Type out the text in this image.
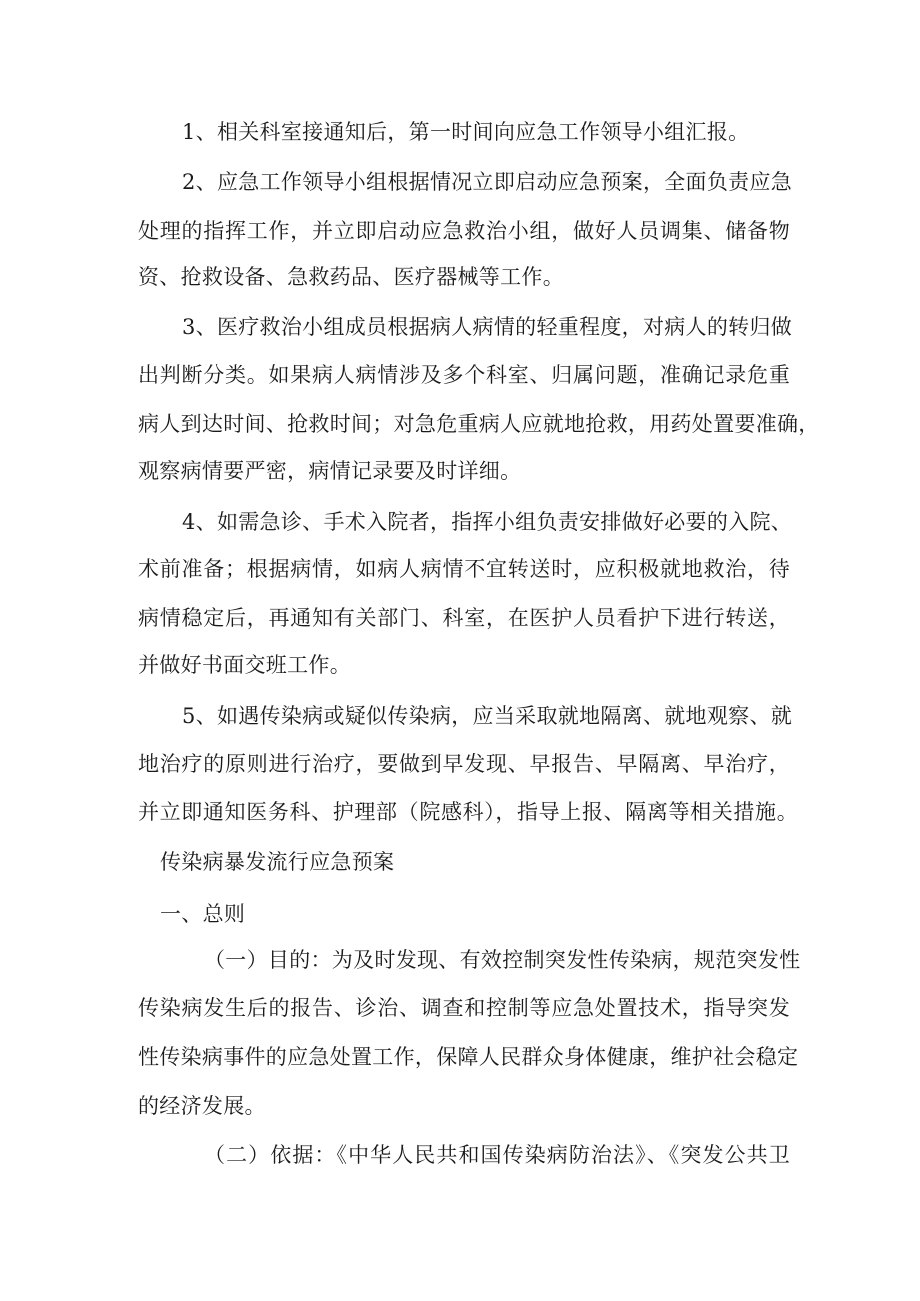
1、相关科室接通知后，第一时间向应急工作领导小组汇报。
2、应急工作领导小组根据情况立即启动应急预案，全面负责应急
处理的指挥工作，并立即启动应急救治小组，做好人员调集、储备物
资、抢救设备、急救药品、医疗器械等工作。
3、医疗救治小组成员根据病人病情的轻重程度，对病人的转归做
出判断分类。如果病人病情涉及多个科室、归属问题，准确记录危重
病人到达时间、抢救时间；对急危重病人应就地抢救，用药处置要准确，
观察病情要严密，病情记录要及时详细。
4、如需急诊、手术入院者，指挥小组负责安排做好必要的入院、
术前准备；根据病情，如病人病情不宜转送时，应积极就地救治，待
病情稳定后，再通知有关部门、科室，在医护人员看护下进行转送，
并做好书面交班工作。
5、如遇传染病或疑似传染病，应当采取就地隔离、就地观察、就
地治疗的原则进行治疗，要做到早发现、早报告、早隔离、早治疗，
并立即通知医务科、护理部（院感科），指导上报、隔离等相关措施。
传染病暴发流行应急预案
一、总则
（一）目的：为及时发现、有效控制突发性传染病，规范突发性
传染病发生后的报告、诊治、调查和控制等应急处置技术，指导突发
性传染病事件的应急处置工作，保障人民群众身体健康，维护社会稳定
的经济发展。
（二）依据：《中华人民共和国传染病防治法》、《突发公共卫
